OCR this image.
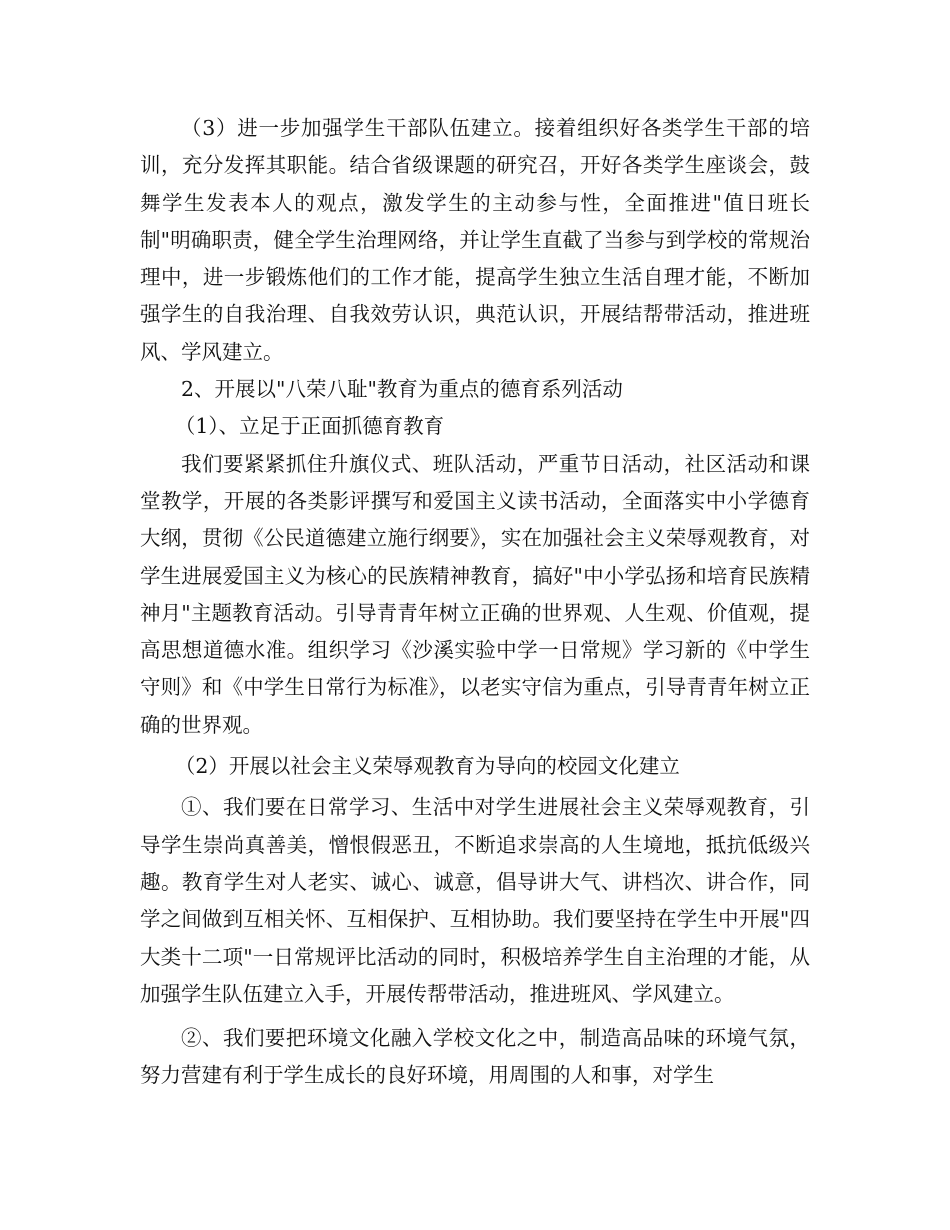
（3）进一步加强学生干部队伍建立。接着组织好各类学生干部的培训，充分发挥其职能。结合省级课题的研究召，开好各类学生座谈会，鼓舞学生发表本人的观点，激发学生的主动参与性，全面推进"值日班长制"明确职责，健全学生治理网络，并让学生直截了当参与到学校的常规治理中，进一步锻炼他们的工作才能，提高学生独立生活自理才能，不断加强学生的自我治理、自我效劳认识，典范认识，开展结帮带活动，推进班风、学风建立。

2、开展以"八荣八耻"教育为重点的德育系列活动

（1）、立足于正面抓德育教育

我们要紧紧抓住升旗仪式、班队活动，严重节日活动，社区活动和课堂教学，开展的各类影评撰写和爱国主义读书活动，全面落实中小学德育大纲，贯彻《公民道德建立施行纲要》，实在加强社会主义荣辱观教育，对学生进展爱国主义为核心的民族精神教育，搞好"中小学弘扬和培育民族精神月"主题教育活动。引导青青年树立正确的世界观、人生观、价值观，提高思想道德水准。组织学习《沙溪实验中学一日常规》学习新的《中学生守则》和《中学生日常行为标准》，以老实守信为重点，引导青青年树立正确的世界观。

（2）开展以社会主义荣辱观教育为导向的校园文化建立

①、我们要在日常学习、生活中对学生进展社会主义荣辱观教育，引导学生崇尚真善美，憎恨假恶丑，不断追求崇高的人生境地，抵抗低级兴趣。教育学生对人老实、诚心、诚意，倡导讲大气、讲档次、讲合作，同学之间做到互相关怀、互相保护、互相协助。我们要坚持在学生中开展"四大类十二项"一日常规评比活动的同时，积极培养学生自主治理的才能，从加强学生队伍建立入手，开展传帮带活动，推进班风、学风建立。

②、我们要把环境文化融入学校文化之中，制造高品味的环境气氛，努力营建有利于学生成长的良好环境，用周围的人和事，对学生
